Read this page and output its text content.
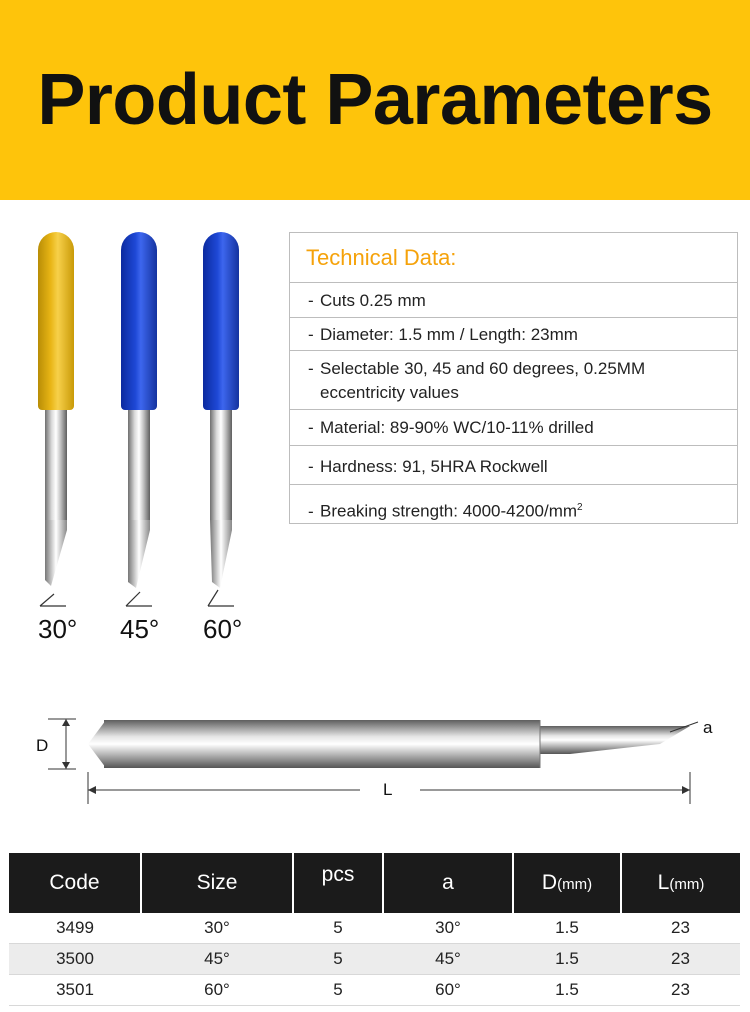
Product Parameters
30° 45° 60°
Technical Data:
- Cuts 0.25 mm
- Diameter: 1.5 mm / Length: 23mm
- Selectable 30, 45 and 60 degrees, 0.25MM
eccentricity values
- Material: 89-90% WC/10-11% drilled
- Hardness: 91, 5HRA Rockwell
- Breaking strength: $4000-4200/mm^2$
D
L
a
Code	Size	pcs	a	D(mm)	L(mm)
3499	30°	5	30°	1.5	23
3500	45°	5	45°	1.5	23
3501	60°	5	60°	1.5	23
